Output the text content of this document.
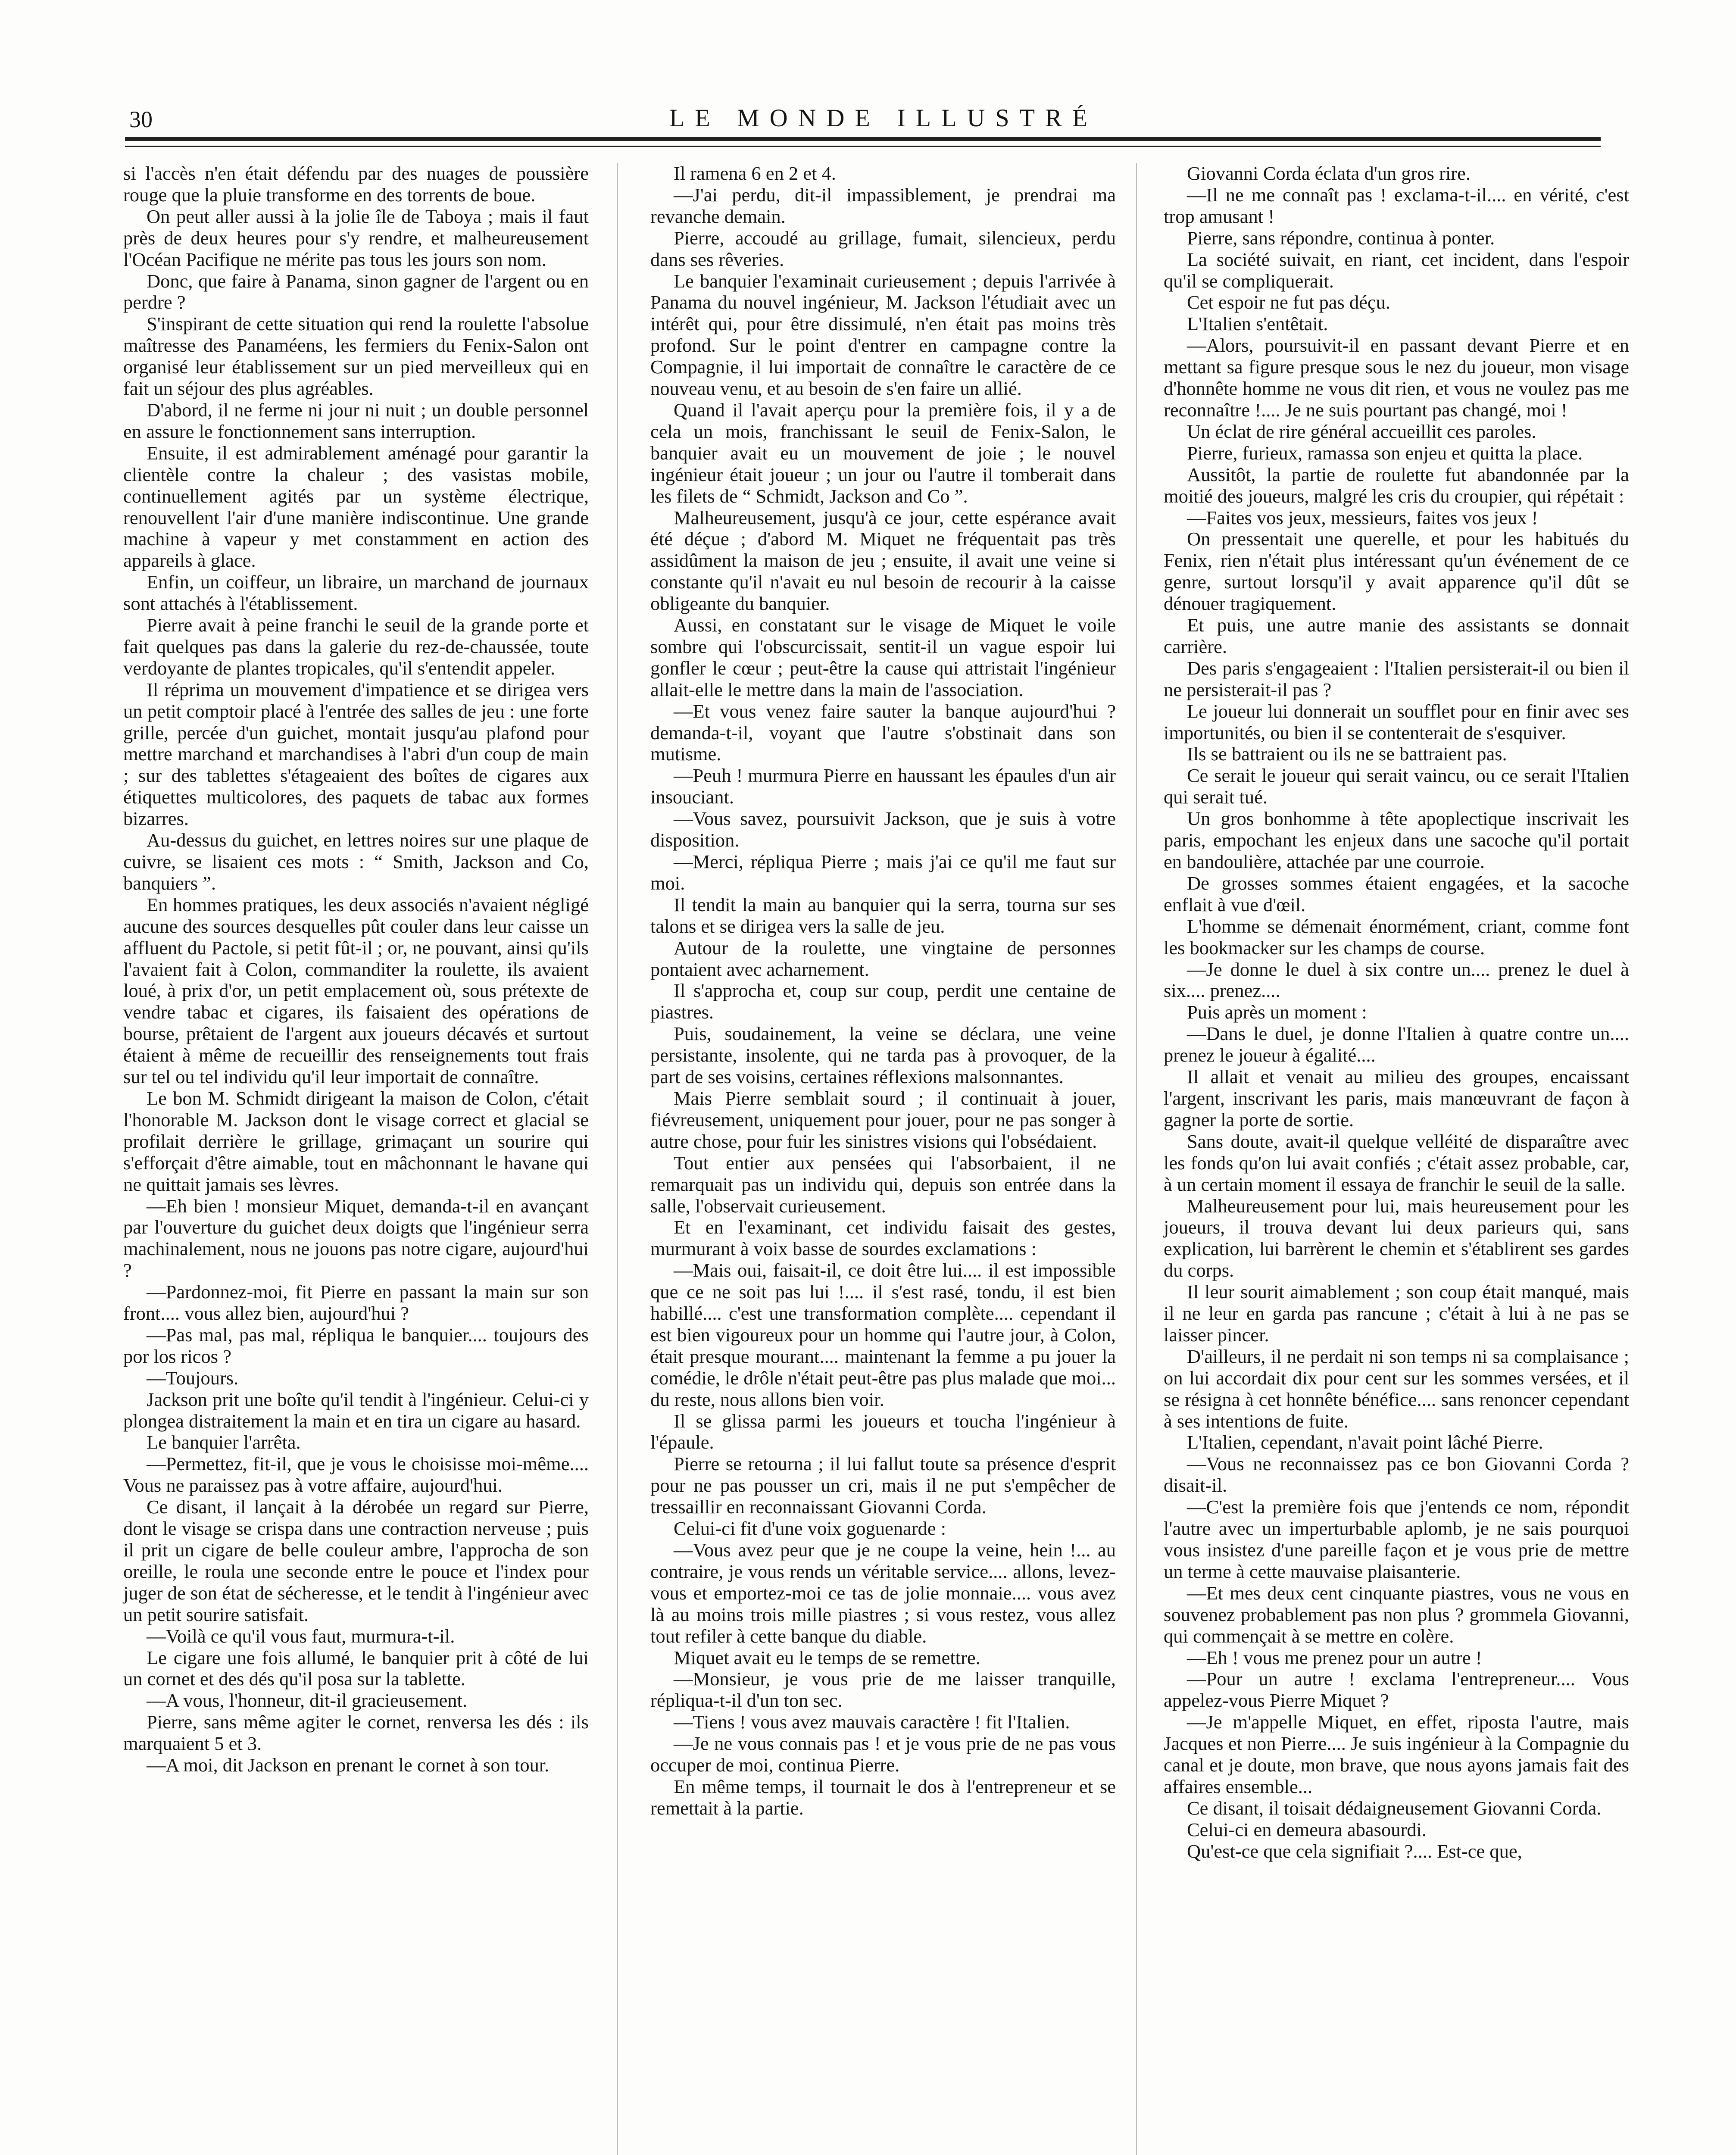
30	LE MONDE ILLUSTRÉ

si l'accès n'en était défendu par des nuages de poussière rouge que la pluie transforme en des torrents de boue.

On peut aller aussi à la jolie île de Taboya ; mais il faut près de deux heures pour s'y rendre, et malheureusement l'Océan Pacifique ne mérite pas tous les jours son nom.

Donc, que faire à Panama, sinon gagner de l'argent ou en perdre ?

S'inspirant de cette situation qui rend la roulette l'absolue maîtresse des Panaméens, les fermiers du Fenix-Salon ont organisé leur établissement sur un pied merveilleux qui en fait un séjour des plus agréables.

D'abord, il ne ferme ni jour ni nuit ; un double personnel en assure le fonctionnement sans interruption.

Ensuite, il est admirablement aménagé pour garantir la clientèle contre la chaleur ; des vasistas mobile, continuellement agités par un système électrique, renouvellent l'air d'une manière indiscontinue. Une grande machine à vapeur y met constamment en action des appareils à glace.

Enfin, un coiffeur, un libraire, un marchand de journaux sont attachés à l'établissement.

Pierre avait à peine franchi le seuil de la grande porte et fait quelques pas dans la galerie du rez-de-chaussée, toute verdoyante de plantes tropicales, qu'il s'entendit appeler.

Il réprima un mouvement d'impatience et se dirigea vers un petit comptoir placé à l'entrée des salles de jeu : une forte grille, percée d'un guichet, montait jusqu'au plafond pour mettre marchand et marchandises à l'abri d'un coup de main ; sur des tablettes s'étageaient des boîtes de cigares aux étiquettes multicolores, des paquets de tabac aux formes bizarres.

Au-dessus du guichet, en lettres noires sur une plaque de cuivre, se lisaient ces mots : “ Smith, Jackson and Co, banquiers ”.

En hommes pratiques, les deux associés n'avaient négligé aucune des sources desquelles pût couler dans leur caisse un affluent du Pactole, si petit fût-il ; or, ne pouvant, ainsi qu'ils l'avaient fait à Colon, commanditer la roulette, ils avaient loué, à prix d'or, un petit emplacement où, sous prétexte de vendre tabac et cigares, ils faisaient des opérations de bourse, prêtaient de l'argent aux joueurs décavés et surtout étaient à même de recueillir des renseignements tout frais sur tel ou tel individu qu'il leur importait de connaître.

Le bon M. Schmidt dirigeant la maison de Colon, c'était l'honorable M. Jackson dont le visage correct et glacial se profilait derrière le grillage, grimaçant un sourire qui s'efforçait d'être aimable, tout en mâchonnant le havane qui ne quittait jamais ses lèvres.

—Eh bien ! monsieur Miquet, demanda-t-il en avançant par l'ouverture du guichet deux doigts que l'ingénieur serra machinalement, nous ne jouons pas notre cigare, aujourd'hui ?

—Pardonnez-moi, fit Pierre en passant la main sur son front.... vous allez bien, aujourd'hui ?

—Pas mal, pas mal, répliqua le banquier.... toujours des por los ricos ?

—Toujours.

Jackson prit une boîte qu'il tendit à l'ingénieur. Celui-ci y plongea distraitement la main et en tira un cigare au hasard.

Le banquier l'arrêta.

—Permettez, fit-il, que je vous le choisisse moi-même.... Vous ne paraissez pas à votre affaire, aujourd'hui.

Ce disant, il lançait à la dérobée un regard sur Pierre, dont le visage se crispa dans une contraction nerveuse ; puis il prit un cigare de belle couleur ambre, l'approcha de son oreille, le roula une seconde entre le pouce et l'index pour juger de son état de sécheresse, et le tendit à l'ingénieur avec un petit sourire satisfait.

—Voilà ce qu'il vous faut, murmura-t-il.

Le cigare une fois allumé, le banquier prit à côté de lui un cornet et des dés qu'il posa sur la tablette.

—A vous, l'honneur, dit-il gracieusement.

Pierre, sans même agiter le cornet, renversa les dés : ils marquaient 5 et 3.

—A moi, dit Jackson en prenant le cornet à son tour.

Il ramena 6 en 2 et 4.

—J'ai perdu, dit-il impassiblement, je prendrai ma revanche demain.

Pierre, accoudé au grillage, fumait, silencieux, perdu dans ses rêveries.

Le banquier l'examinait curieusement ; depuis l'arrivée à Panama du nouvel ingénieur, M. Jackson l'étudiait avec un intérêt qui, pour être dissimulé, n'en était pas moins très profond. Sur le point d'entrer en campagne contre la Compagnie, il lui importait de connaître le caractère de ce nouveau venu, et au besoin de s'en faire un allié.

Quand il l'avait aperçu pour la première fois, il y a de cela un mois, franchissant le seuil de Fenix-Salon, le banquier avait eu un mouvement de joie ; le nouvel ingénieur était joueur ; un jour ou l'autre il tomberait dans les filets de “ Schmidt, Jackson and Co ”.

Malheureusement, jusqu'à ce jour, cette espérance avait été déçue ; d'abord M. Miquet ne fréquentait pas très assidûment la maison de jeu ; ensuite, il avait une veine si constante qu'il n'avait eu nul besoin de recourir à la caisse obligeante du banquier.

Aussi, en constatant sur le visage de Miquet le voile sombre qui l'obscurcissait, sentit-il un vague espoir lui gonfler le cœur ; peut-être la cause qui attristait l'ingénieur allait-elle le mettre dans la main de l'association.

—Et vous venez faire sauter la banque aujourd'hui ? demanda-t-il, voyant que l'autre s'obstinait dans son mutisme.

—Peuh ! murmura Pierre en haussant les épaules d'un air insouciant.

—Vous savez, poursuivit Jackson, que je suis à votre disposition.

—Merci, répliqua Pierre ; mais j'ai ce qu'il me faut sur moi.

Il tendit la main au banquier qui la serra, tourna sur ses talons et se dirigea vers la salle de jeu.

Autour de la roulette, une vingtaine de personnes pontaient avec acharnement.

Il s'approcha et, coup sur coup, perdit une centaine de piastres.

Puis, soudainement, la veine se déclara, une veine persistante, insolente, qui ne tarda pas à provoquer, de la part de ses voisins, certaines réflexions malsonnantes.

Mais Pierre semblait sourd ; il continuait à jouer, fiévreusement, uniquement pour jouer, pour ne pas songer à autre chose, pour fuir les sinistres visions qui l'obsédaient.

Tout entier aux pensées qui l'absorbaient, il ne remarquait pas un individu qui, depuis son entrée dans la salle, l'observait curieusement.

Et en l'examinant, cet individu faisait des gestes, murmurant à voix basse de sourdes exclamations :

—Mais oui, faisait-il, ce doit être lui.... il est impossible que ce ne soit pas lui !.... il s'est rasé, tondu, il est bien habillé.... c'est une transformation complète.... cependant il est bien vigoureux pour un homme qui l'autre jour, à Colon, était presque mourant.... maintenant la femme a pu jouer la comédie, le drôle n'était peut-être pas plus malade que moi... du reste, nous allons bien voir.

Il se glissa parmi les joueurs et toucha l'ingénieur à l'épaule.

Pierre se retourna ; il lui fallut toute sa présence d'esprit pour ne pas pousser un cri, mais il ne put s'empêcher de tressaillir en reconnaissant Giovanni Corda.

Celui-ci fit d'une voix goguenarde :

—Vous avez peur que je ne coupe la veine, hein !... au contraire, je vous rends un véritable service.... allons, levez-vous et emportez-moi ce tas de jolie monnaie.... vous avez là au moins trois mille piastres ; si vous restez, vous allez tout refiler à cette banque du diable.

Miquet avait eu le temps de se remettre.

—Monsieur, je vous prie de me laisser tranquille, répliqua-t-il d'un ton sec.

—Tiens ! vous avez mauvais caractère ! fit l'Italien.

—Je ne vous connais pas ! et je vous prie de ne pas vous occuper de moi, continua Pierre.

En même temps, il tournait le dos à l'entrepreneur et se remettait à la partie.

Giovanni Corda éclata d'un gros rire.

—Il ne me connaît pas ! exclama-t-il.... en vérité, c'est trop amusant !

Pierre, sans répondre, continua à ponter.

La société suivait, en riant, cet incident, dans l'espoir qu'il se compliquerait.

Cet espoir ne fut pas déçu.

L'Italien s'entêtait.

—Alors, poursuivit-il en passant devant Pierre et en mettant sa figure presque sous le nez du joueur, mon visage d'honnête homme ne vous dit rien, et vous ne voulez pas me reconnaître !.... Je ne suis pourtant pas changé, moi !

Un éclat de rire général accueillit ces paroles.

Pierre, furieux, ramassa son enjeu et quitta la place.

Aussitôt, la partie de roulette fut abandonnée par la moitié des joueurs, malgré les cris du croupier, qui répétait :

—Faites vos jeux, messieurs, faites vos jeux !

On pressentait une querelle, et pour les habitués du Fenix, rien n'était plus intéressant qu'un événement de ce genre, surtout lorsqu'il y avait apparence qu'il dût se dénouer tragiquement.

Et puis, une autre manie des assistants se donnait carrière.

Des paris s'engageaient : l'Italien persisterait-il ou bien il ne persisterait-il pas ?

Le joueur lui donnerait un soufflet pour en finir avec ses importunités, ou bien il se contenterait de s'esquiver.

Ils se battraient ou ils ne se battraient pas.

Ce serait le joueur qui serait vaincu, ou ce serait l'Italien qui serait tué.

Un gros bonhomme à tête apoplectique inscrivait les paris, empochant les enjeux dans une sacoche qu'il portait en bandoulière, attachée par une courroie.

De grosses sommes étaient engagées, et la sacoche enflait à vue d'œil.

L'homme se démenait énormément, criant, comme font les bookmacker sur les champs de course.

—Je donne le duel à six contre un.... prenez le duel à six.... prenez....

Puis après un moment :

—Dans le duel, je donne l'Italien à quatre contre un.... prenez le joueur à égalité....

Il allait et venait au milieu des groupes, encaissant l'argent, inscrivant les paris, mais manœuvrant de façon à gagner la porte de sortie.

Sans doute, avait-il quelque velléité de disparaître avec les fonds qu'on lui avait confiés ; c'était assez probable, car, à un certain moment il essaya de franchir le seuil de la salle.

Malheureusement pour lui, mais heureusement pour les joueurs, il trouva devant lui deux parieurs qui, sans explication, lui barrèrent le chemin et s'établirent ses gardes du corps.

Il leur sourit aimablement ; son coup était manqué, mais il ne leur en garda pas rancune ; c'était à lui à ne pas se laisser pincer.

D'ailleurs, il ne perdait ni son temps ni sa complaisance ; on lui accordait dix pour cent sur les sommes versées, et il se résigna à cet honnête bénéfice.... sans renoncer cependant à ses intentions de fuite.

L'Italien, cependant, n'avait point lâché Pierre.

—Vous ne reconnaissez pas ce bon Giovanni Corda ? disait-il.

—C'est la première fois que j'entends ce nom, répondit l'autre avec un imperturbable aplomb, je ne sais pourquoi vous insistez d'une pareille façon et je vous prie de mettre un terme à cette mauvaise plaisanterie.

—Et mes deux cent cinquante piastres, vous ne vous en souvenez probablement pas non plus ? grommela Giovanni, qui commençait à se mettre en colère.

—Eh ! vous me prenez pour un autre !

—Pour un autre ! exclama l'entrepreneur.... Vous appelez-vous Pierre Miquet ?

—Je m'appelle Miquet, en effet, riposta l'autre, mais Jacques et non Pierre.... Je suis ingénieur à la Compagnie du canal et je doute, mon brave, que nous ayons jamais fait des affaires ensemble...

Ce disant, il toisait dédaigneusement Giovanni Corda.

Celui-ci en demeura abasourdi.

Qu'est-ce que cela signifiait ?.... Est-ce que,
